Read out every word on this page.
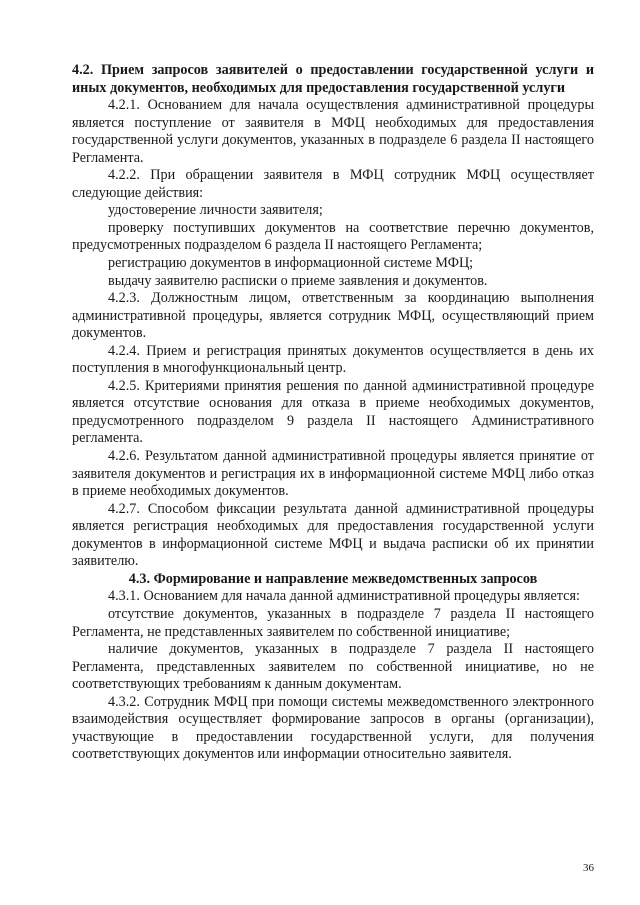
4.2. Прием запросов заявителей о предоставлении государственной услуги и иных документов, необходимых для предоставления государственной услуги

4.2.1. Основанием для начала осуществления административной процедуры является поступление от заявителя в МФЦ необходимых для предоставления государственной услуги документов, указанных в подразделе 6 раздела II настоящего Регламента.

4.2.2. При обращении заявителя в МФЦ сотрудник МФЦ осуществляет следующие действия:

удостоверение личности заявителя;

проверку поступивших документов на соответствие перечню документов, предусмотренных подразделом 6 раздела II настоящего Регламента;

регистрацию документов в информационной системе МФЦ;

выдачу заявителю расписки о приеме заявления и документов.

4.2.3. Должностным лицом, ответственным за координацию выполнения административной процедуры, является сотрудник МФЦ, осуществляющий прием документов.

4.2.4. Прием и регистрация принятых документов осуществляется в день их поступления в многофункциональный центр.

4.2.5. Критериями принятия решения по данной административной процедуре является отсутствие основания для отказа в приеме необходимых документов, предусмотренного подразделом 9 раздела II настоящего Административного регламента.

4.2.6. Результатом данной административной процедуры является принятие от заявителя документов и регистрация их в информационной системе МФЦ либо отказ в приеме необходимых документов.

4.2.7. Способом фиксации результата данной административной процедуры является регистрация необходимых для предоставления государственной услуги документов в информационной системе МФЦ и выдача расписки об их принятии заявителю.

4.3. Формирование и направление межведомственных запросов

4.3.1. Основанием для начала данной административной процедуры является:

отсутствие документов, указанных в подразделе 7 раздела II настоящего Регламента, не представленных заявителем по собственной инициативе;

наличие документов, указанных в подразделе 7 раздела II настоящего Регламента, представленных заявителем по собственной инициативе, но не соответствующих требованиям к данным документам.

4.3.2. Сотрудник МФЦ при помощи системы межведомственного электронного взаимодействия осуществляет формирование запросов в органы (организации), участвующие в предоставлении государственной услуги, для получения соответствующих документов или информации относительно заявителя.

36
